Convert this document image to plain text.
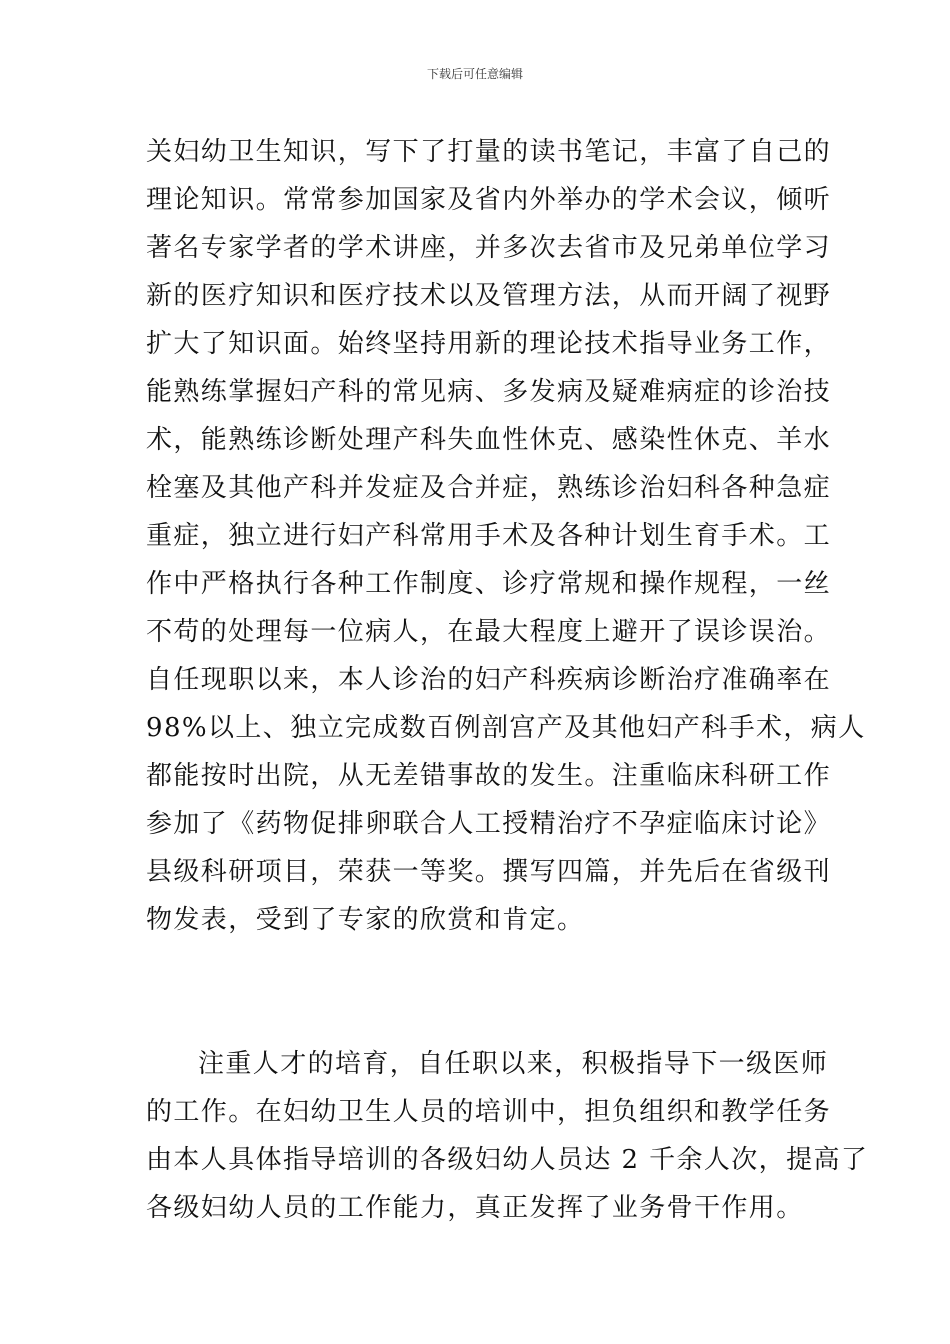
下载后可任意编辑
关妇幼卫生知识，写下了打量的读书笔记，丰富了自己的
理论知识。常常参加国家及省内外举办的学术会议，倾听
著名专家学者的学术讲座，并多次去省市及兄弟单位学习
新的医疗知识和医疗技术以及管理方法，从而开阔了视野
扩大了知识面。始终坚持用新的理论技术指导业务工作，
能熟练掌握妇产科的常见病、多发病及疑难病症的诊治技
术，能熟练诊断处理产科失血性休克、感染性休克、羊水
栓塞及其他产科并发症及合并症，熟练诊治妇科各种急症
重症，独立进行妇产科常用手术及各种计划生育手术。工
作中严格执行各种工作制度、诊疗常规和操作规程，一丝
不苟的处理每一位病人，在最大程度上避开了误诊误治。
自任现职以来，本人诊治的妇产科疾病诊断治疗准确率在
98%以上、独立完成数百例剖宫产及其他妇产科手术，病人
都能按时出院，从无差错事故的发生。注重临床科研工作
参加了《药物促排卵联合人工授精治疗不孕症临床讨论》
县级科研项目，荣获一等奖。撰写四篇，并先后在省级刊
物发表，受到了专家的欣赏和肯定。
注重人才的培育，自任职以来，积极指导下一级医师
的工作。在妇幼卫生人员的培训中，担负组织和教学任务
由本人具体指导培训的各级妇幼人员达 2 千余人次，提高了
各级妇幼人员的工作能力，真正发挥了业务骨干作用。
